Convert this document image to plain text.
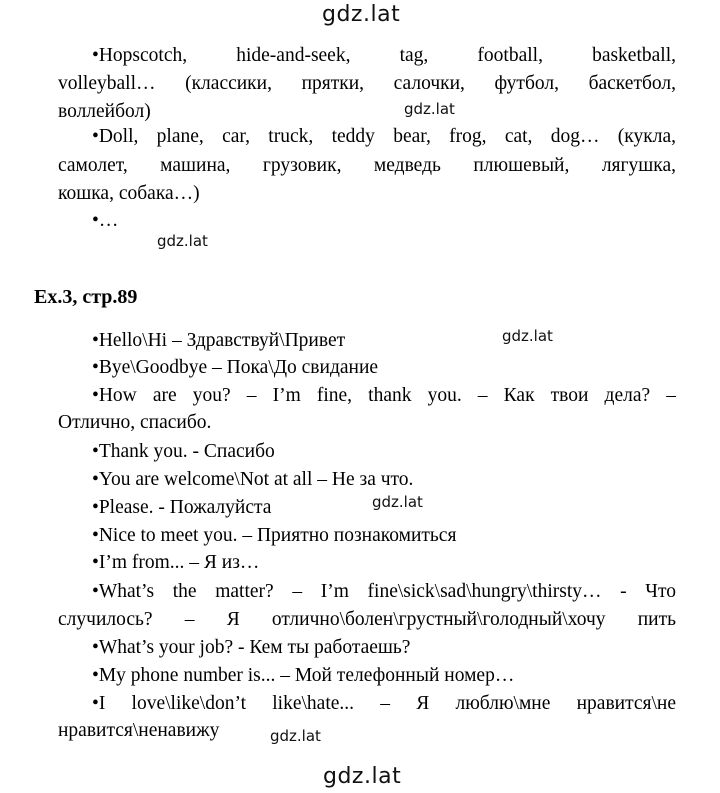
gdz.lat
gdz.lat
gdz.lat
gdz.lat
gdz.lat
gdz.lat
gdz.lat
•Hopscotch, hide-and-seek, tag, football, basketball,
volleyball… (классики, прятки, салочки, футбол, баскетбол,
воллейбол)
•Doll, plane, car, truck, teddy bear, frog, cat, dog… (кукла,
самолет, машина, грузовик, медведь плюшевый, лягушка,
кошка, собака…)
•…
Ex.3, стр.89
•Hello\Hi – Здравствуй\Привет
•Bye\Goodbye – Пока\До свидание
•How are you? – I’m fine, thank you. – Как твои дела? –
Отлично, спасибо.
•Thank you. - Спасибо
•You are welcome\Not at all – Не за что.
•Please. - Пожалуйста
•Nice to meet you. – Приятно познакомиться
•I’m from... – Я из…
•What’s the matter? – I’m fine\sick\sad\hungry\thirsty… - Что
случилось? – Я отлично\болен\грустный\голодный\хочу пить
•What’s your job? - Кем ты работаешь?
•My phone number is... – Мой телефонный номер…
•I love\like\don’t like\hate... – Я люблю\мне нравится\не
нравится\ненавижу
